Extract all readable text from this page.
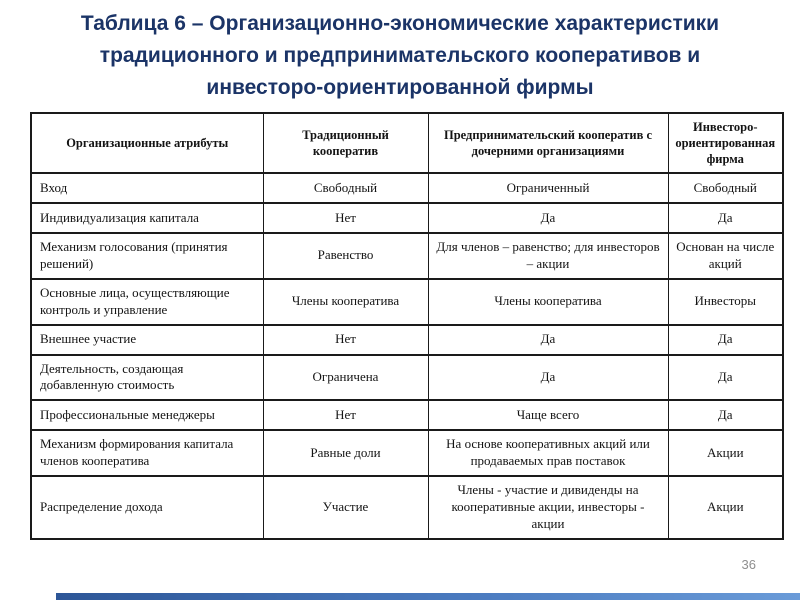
Таблица 6 – Организационно-экономические характеристики
традиционного и предпринимательского кооперативов и
инвесторо-ориентированной фирмы
Организационные атрибуты	Традиционный кооператив	Предпринимательский кооператив с дочерними организациями	Инвесторо-ориентированная фирма
Вход	Свободный	Ограниченный	Свободный
Индивидуализация капитала	Нет	Да	Да
Механизм голосования (принятия решений)	Равенство	Для членов – равенство; для инвесторов – акции	Основан на числе акций
Основные лица, осуществляющие контроль и управление	Члены кооператива	Члены кооператива	Инвесторы
Внешнее участие	Нет	Да	Да
Деятельность, создающая добавленную стоимость	Ограничена	Да	Да
Профессиональные менеджеры	Нет	Чаще всего	Да
Механизм формирования капитала членов кооператива	Равные доли	На основе кооперативных акций или продаваемых прав поставок	Акции
Распределение дохода	Участие	Члены - участие и дивиденды на кооперативные акции, инвесторы - акции	Акции
36
